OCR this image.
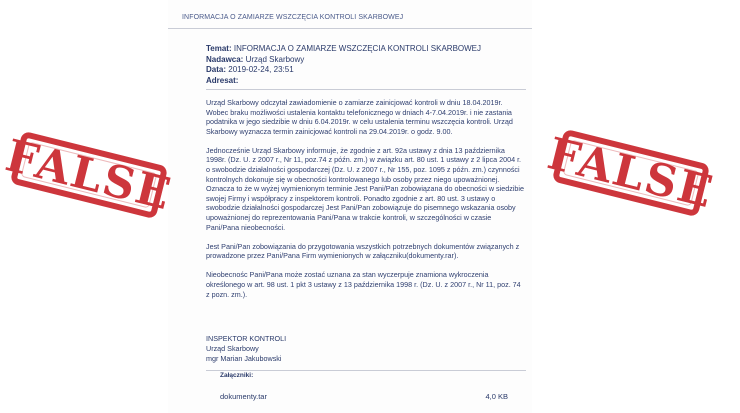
INFORMACJA O ZAMIARZE WSZCZĘCIA KONTROLI SKARBOWEJ
Temat: INFORMACJA O ZAMIARZE WSZCZĘCIA KONTROLI SKARBOWEJ
Nadawca: Urząd Skarbowy
Data: 2019-02-24, 23:51
Adresat:

Urząd Skarbowy odczytał zawiadomienie o zamiarze zainicjować kontroli w dniu 18.04.2019r. Wobec braku możliwości ustalenia kontaktu telefonicznego w dniach 4-7.04.2019r. i nie zastania podatnika w jego siedzibie w dniu 6.04.2019r. w celu ustalenia terminu wszczęcia kontroli. Urząd Skarbowy wyznacza termin zainicjować kontroli na 29.04.2019r. o godz. 9.00.

Jednocześnie Urząd Skarbowy informuje, że zgodnie z art. 92a ustawy z dnia 13 października 1998r. (Dz. U. z 2007 r., Nr 11, poz.74 z późn. zm.) w związku art. 80 ust. 1 ustawy z 2 lipca 2004 r. o swobodzie działalności gospodarczej (Dz. U. z 2007 r., Nr 155, poz. 1095 z późn. zm.) czynności kontrolnych dokonuje się w obecności kontrolowanego lub osoby przez niego upoważnionej. Oznacza to że w wyżej wymienionym terminie Jest Pani/Pan zobowiązana do obecności w siedzibie swojej Firmy i współpracy z inspektorem kontroli. Ponadto zgodnie z art. 80 ust. 3 ustawy o swobodzie działalności gospodarczej Jest Pani/Pan zobowiązuje do pisemnego wskazania osoby upoważnionej do reprezentowania Pani/Pana w trakcie kontroli, w szczególności w czasie Pani/Pana nieobecności.

Jest Pani/Pan zobowiązania do przygotowania wszystkich potrzebnych dokumentów związanych z prowadzone przez Pani/Pana Firm wymienionych w załączniku(dokumenty.rar).

Nieobecnośc Pani/Pana może zostać uznana za stan wyczerpuje znamiona wykroczenia określonego w art. 98 ust. 1 pkt 3 ustawy z 13 października 1998 r. (Dz. U. z 2007 r., Nr 11, poz. 74 z pozn. zm.).

INSPEKTOR KONTROLI
Urząd Skarbowy
mgr Marian Jakubowski
Załączniki:
dokumenty.tar	4,0 KB
FALSE	FALSE
